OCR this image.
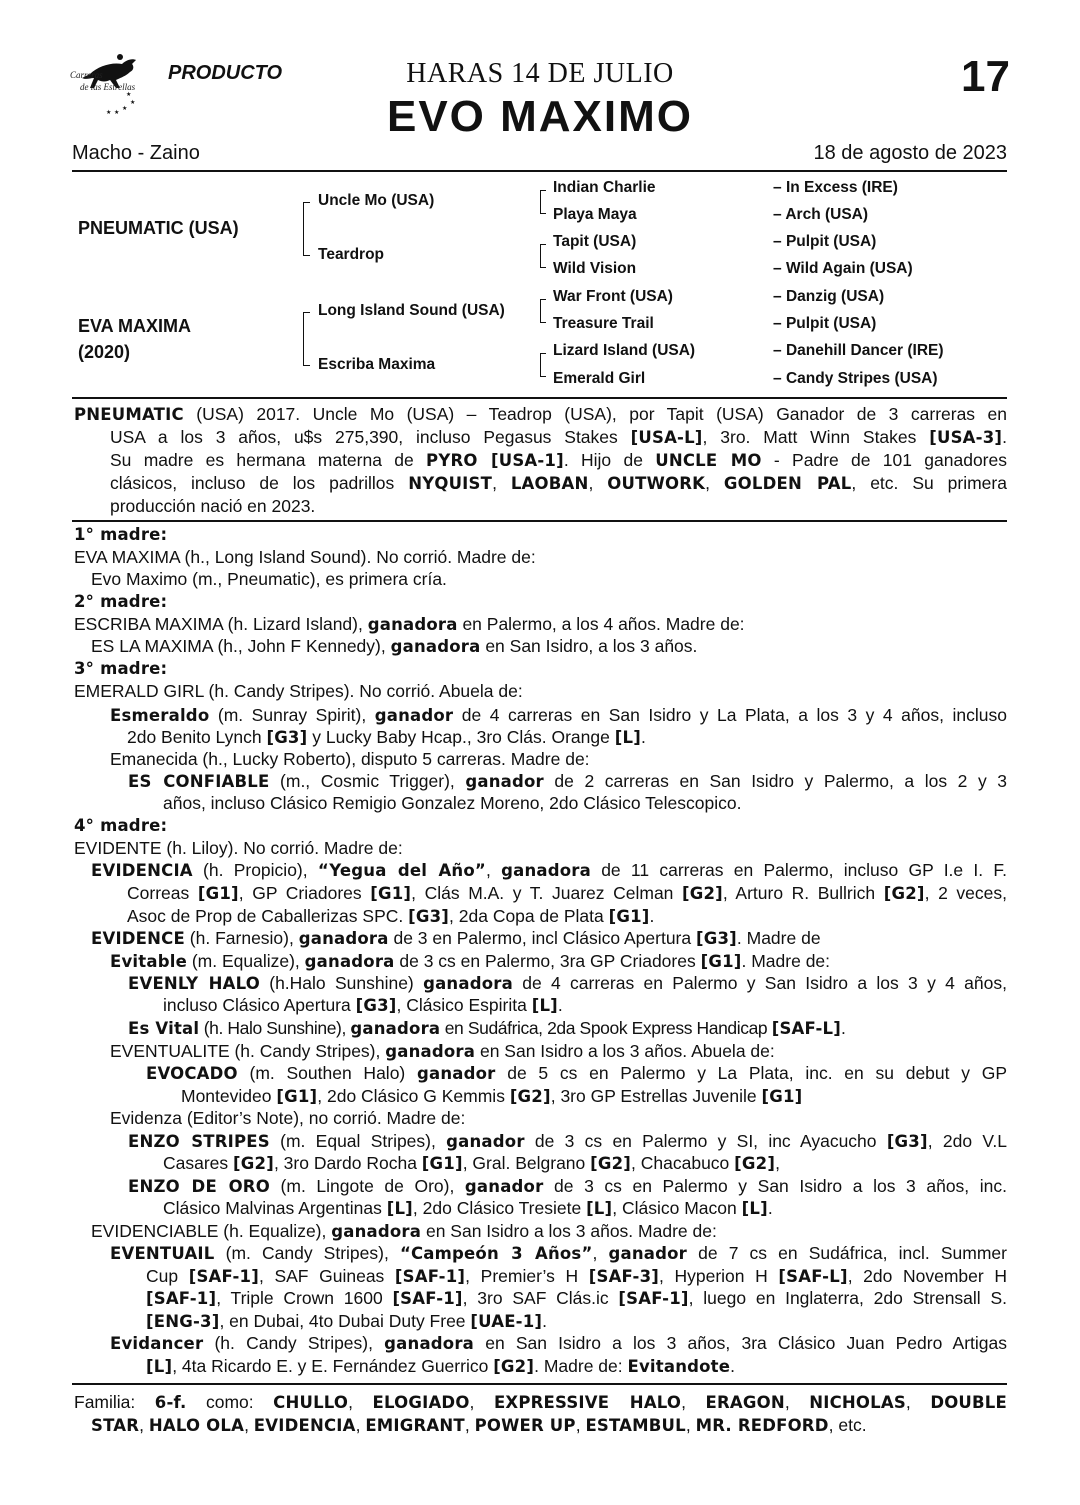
★
★
★
★
★
Carreras
de las Estrellas
PRODUCTO	HARAS 14 DE JULIO
EVO MAXIMO
17
Macho - Zaino	18 de agosto de 2023
PNEUMATIC (USA)
EVA MAXIMA
(2020)
Uncle Mo (USA)
Teardrop
Long Island Sound (USA)
Escriba Maxima
Indian Charlie
Playa Maya
Tapit (USA)
Wild Vision
War Front (USA)
Treasure Trail
Lizard Island (USA)
Emerald Girl
– In Excess (IRE)
– Arch (USA)
– Pulpit (USA)
– Wild Again (USA)
– Danzig (USA)
– Pulpit (USA)
– Danehill Dancer (IRE)
– Candy Stripes (USA)
PNEUMATIC (USA) 2017. Uncle Mo (USA) – Teadrop (USA), por Tapit (USA) Ganador de 3 carreras en
USA a los 3 años, u$s 275,390, incluso Pegasus Stakes [USA-L], 3ro. Matt Winn Stakes [USA-3].
Su madre es hermana materna de PYRO [USA-1]. Hijo de UNCLE MO - Padre de 101 ganadores
clásicos, incluso de los padrillos NYQUIST, LAOBAN, OUTWORK, GOLDEN PAL, etc. Su primera
producción nació en 2023.
1° madre:
EVA MAXIMA (h., Long Island Sound). No corrió. Madre de:
Evo Maximo (m., Pneumatic), es primera cría.
2° madre:
ESCRIBA MAXIMA (h. Lizard Island), ganadora en Palermo, a los 4 años. Madre de:
ES LA MAXIMA (h., John F Kennedy), ganadora en San Isidro, a los 3 años.
3° madre:
EMERALD GIRL (h. Candy Stripes). No corrió. Abuela de:
Esmeraldo (m. Sunray Spirit), ganador de 4 carreras en San Isidro y La Plata, a los 3 y 4 años, incluso
2do Benito Lynch [G3] y Lucky Baby Hcap., 3ro Clás. Orange [L].
Emanecida (h., Lucky Roberto), disputo 5 carreras. Madre de:
ES CONFIABLE (m., Cosmic Trigger), ganador de 2 carreras en San Isidro y Palermo, a los 2 y 3
años, incluso Clásico Remigio Gonzalez Moreno, 2do Clásico Telescopico.
4° madre:
EVIDENTE (h. Liloy). No corrió. Madre de:
EVIDENCIA (h. Propicio), “Yegua del Año”, ganadora de 11 carreras en Palermo, incluso GP I.e I. F.
Correas [G1], GP Criadores [G1], Clás M.A. y T. Juarez Celman [G2], Arturo R. Bullrich [G2], 2 veces,
Asoc de Prop de Caballerizas SPC. [G3], 2da Copa de Plata [G1].
EVIDENCE (h. Farnesio), ganadora de 3 en Palermo, incl Clásico Apertura [G3]. Madre de
Evitable (m. Equalize), ganadora de 3 cs en Palermo, 3ra GP Criadores [G1]. Madre de:
EVENLY HALO (h.Halo Sunshine) ganadora de 4 carreras en Palermo y San Isidro a los 3 y 4 años,
incluso Clásico Apertura [G3], Clásico Espirita [L].
Es Vital (h. Halo Sunshine), ganadora en Sudáfrica, 2da Spook Express Handicap [SAF-L].
EVENTUALITE (h. Candy Stripes), ganadora en San Isidro a los 3 años. Abuela de:
EVOCADO (m. Southen Halo) ganador de 5 cs en Palermo y La Plata, inc. en su debut y GP
Montevideo [G1], 2do Clásico G Kemmis [G2], 3ro GP Estrellas Juvenile [G1]
Evidenza (Editor’s Note), no corrió. Madre de:
ENZO STRIPES (m. Equal Stripes), ganador de 3 cs en Palermo y SI, inc Ayacucho [G3], 2do V.L
Casares [G2], 3ro Dardo Rocha [G1], Gral. Belgrano [G2], Chacabuco [G2],
ENZO DE ORO (m. Lingote de Oro), ganador de 3 cs en Palermo y San Isidro a los 3 años, inc.
Clásico Malvinas Argentinas [L], 2do Clásico Tresiete [L], Clásico Macon [L].
EVIDENCIABLE (h. Equalize), ganadora en San Isidro a los 3 años. Madre de:
EVENTUAIL (m. Candy Stripes), “Campeón 3 Años”, ganador de 7 cs en Sudáfrica, incl. Summer
Cup [SAF-1], SAF Guineas [SAF-1], Premier’s H [SAF-3], Hyperion H [SAF-L], 2do November H
[SAF-1], Triple Crown 1600 [SAF-1], 3ro SAF Clás.ic [SAF-1], luego en Inglaterra, 2do Strensall S.
[ENG-3], en Dubai, 4to Dubai Duty Free [UAE-1].
Evidancer (h. Candy Stripes), ganadora en San Isidro a los 3 años, 3ra Clásico Juan Pedro Artigas
[L], 4ta Ricardo E. y E. Fernández Guerrico [G2]. Madre de: Evitandote.
Familia: 6-f. como: CHULLO, ELOGIADO, EXPRESSIVE HALO, ERAGON, NICHOLAS, DOUBLE
STAR, HALO OLA, EVIDENCIA, EMIGRANT, POWER UP, ESTAMBUL, MR. REDFORD, etc.
